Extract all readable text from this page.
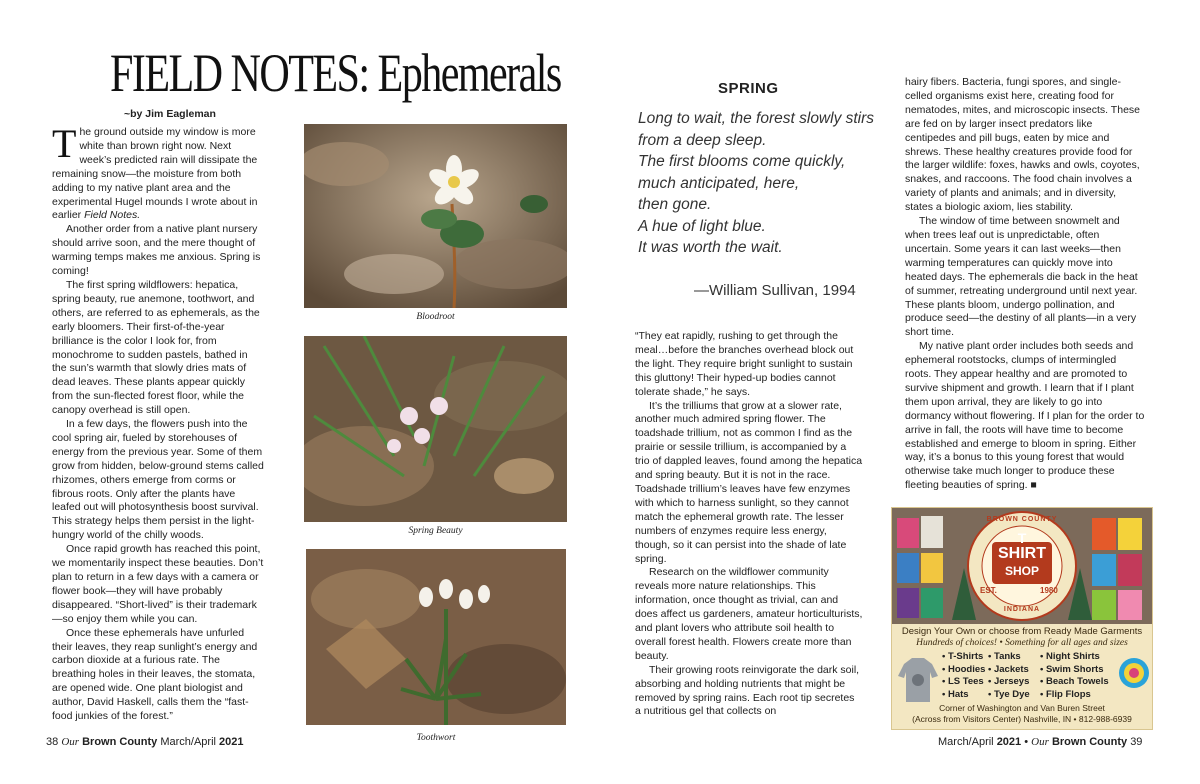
FIELD NOTES: Ephemerals
~by Jim Eagleman

The ground outside my window is more white than brown right now. Next week’s predicted rain will dissipate the remaining snow—the moisture from both adding to my native plant area and the experimental Hugel mounds I wrote about in earlier Field Notes.

Another order from a native plant nursery should arrive soon, and the mere thought of warming temps makes me anxious. Spring is coming!

The first spring wildflowers: hepatica, spring beauty, rue anemone, toothwort, and others, are referred to as ephemerals, as the early bloomers. Their first-of-the-year brilliance is the color I look for, from monochrome to sudden pastels, bathed in the sun’s warmth that slowly dries mats of dead leaves. These plants appear quickly from the sun-flected forest floor, while the canopy overhead is still open.

In a few days, the flowers push into the cool spring air, fueled by storehouses of energy from the previous year. Some of them grow from hidden, below-ground stems called rhizomes, others emerge from corms or fibrous roots. Only after the plants have leafed out will photosynthesis boost survival. This strategy helps them persist in the light-hungry world of the chilly woods.

Once rapid growth has reached this point, we momentarily inspect these beauties. Don’t plan to return in a few days with a camera or flower book—they will have probably disappeared. “Short-lived” is their trademark—so enjoy them while you can.

Once these ephemerals have unfurled their leaves, they reap sunlight’s energy and carbon dioxide at a furious rate. The breathing holes in their leaves, the stomata, are opened wide. One plant biologist and author, David Haskell, calls them the “fast-food junkies of the forest.”

Bloodroot
Spring Beauty
Toothwort
38 Our Brown County March/April 2021
SPRING
Long to wait, the forest slowly stirs
from a deep sleep.
The first blooms come quickly,
much anticipated, here,
then gone.
A hue of light blue.
It was worth the wait.
—William Sullivan, 1994

“They eat rapidly, rushing to get through the meal…before the branches overhead block out the light. They require bright sunlight to sustain this gluttony! Their hyped-up bodies cannot tolerate shade,” he says.

It’s the trilliums that grow at a slower rate, another much admired spring flower. The toadshade trillium, not as common I find as the prairie or sessile trillium, is accompanied by a trio of dappled leaves, found among the hepatica and spring beauty. But it is not in the race. Toadshade trillium’s leaves have few enzymes with which to harness sunlight, so they cannot match the ephemeral growth rate. The lesser numbers of enzymes require less energy, though, so it can persist into the shade of late spring.

Research on the wildflower community reveals more nature relationships. This information, once thought as trivial, can and does affect us gardeners, amateur horticulturists, and plant lovers who attribute soil health to overall forest health. Flowers create more than beauty.

Their growing roots reinvigorate the dark soil, absorbing and holding nutrients that might be removed by spring rains. Each root tip secretes a nutritious gel that collects on

hairy fibers. Bacteria, fungi spores, and single-celled organisms exist here, creating food for nematodes, mites, and microscopic insects. These are fed on by larger insect predators like centipedes and pill bugs, eaten by mice and shrews. These healthy creatures provide food for the larger wildlife: foxes, hawks and owls, coyotes, snakes, and raccoons. The food chain involves a variety of plants and animals; and in diversity, states a biologic axiom, lies stability.

The window of time between snowmelt and when trees leaf out is unpredictable, often uncertain. Some years it can last weeks—then warming temperatures can quickly move into heated days. The ephemerals die back in the heat of summer, retreating underground until next year. These plants bloom, undergo pollination, and produce seed—the destiny of all plants—in a very short time.

My native plant order includes both seeds and ephemeral rootstocks, clumps of intermingled roots. They appear healthy and are promoted to survive shipment and growth. I learn that if I plant them upon arrival, they are likely to go into dormancy without flowering. If I plan for the order to arrive in fall, the roots will have time to become established and emerge to bloom in spring. Either way, it’s a bonus to this young forest that would otherwise take much longer to produce these fleeting beauties of spring. ■

BROWN COUNTY
T
SHIRT
SHOP
EST.	1980
INDIANA
Design Your Own or choose from Ready Made Garments
Hundreds of choices! • Something for all ages and sizes
• T-Shirts
• Hoodies
• LS Tees
• Hats
• Tanks
• Jackets
• Jerseys
• Tye Dye
• Night Shirts
• Swim Shorts
• Beach Towels
• Flip Flops
Corner of Washington and Van Buren Street
(Across from Visitors Center) Nashville, IN • 812-988-6939
March/April 2021 • Our Brown County 39
